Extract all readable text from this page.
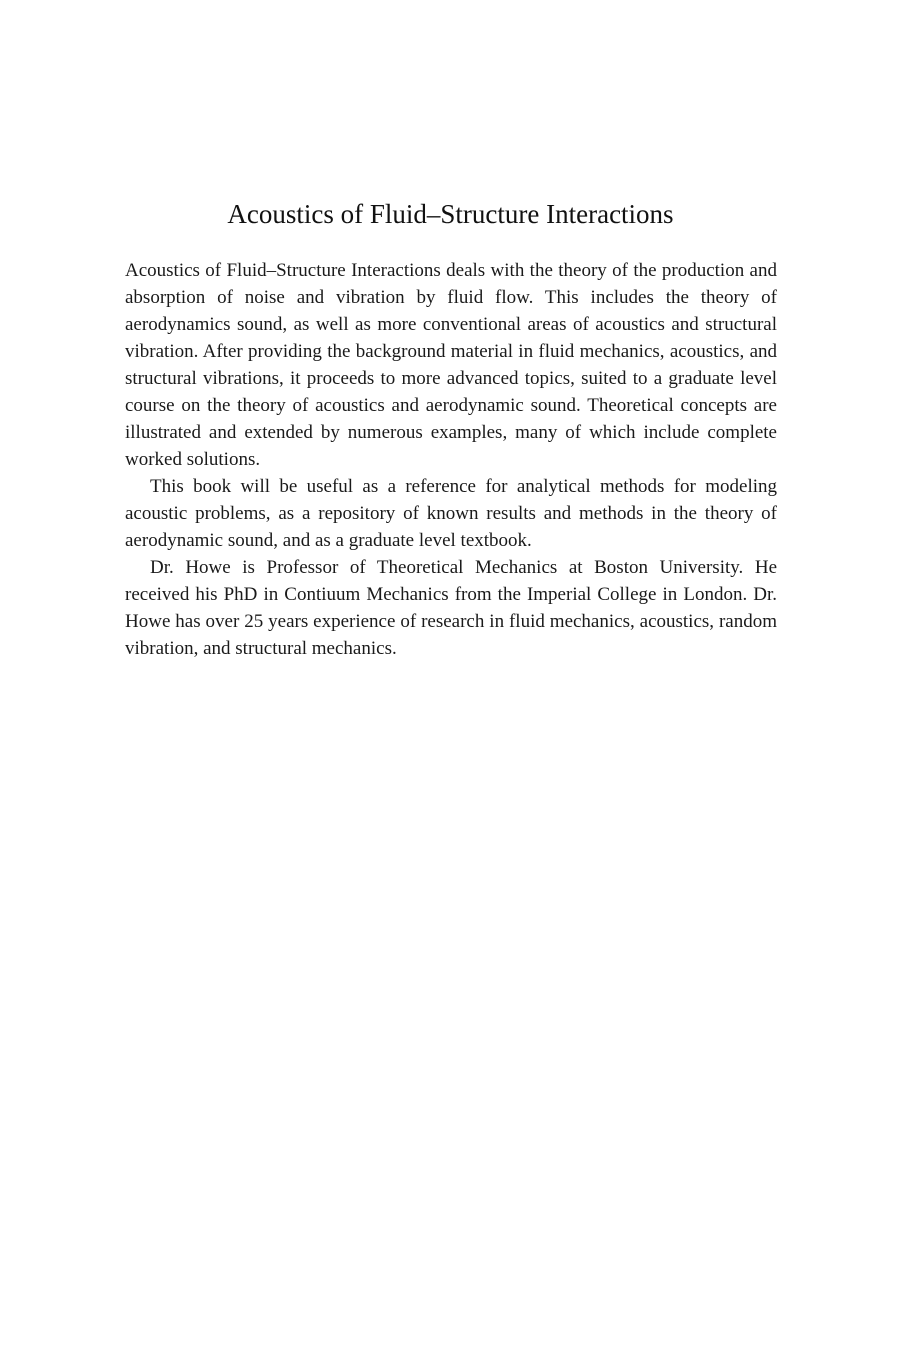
Acoustics of Fluid–Structure Interactions

Acoustics of Fluid–Structure Interactions deals with the theory of the production and absorption of noise and vibration by fluid flow. This includes the theory of aerodynamics sound, as well as more conventional areas of acoustics and structural vibration. After providing the background material in fluid mechanics, acoustics, and structural vibrations, it proceeds to more advanced topics, suited to a graduate level course on the theory of acoustics and aerodynamic sound. Theoretical concepts are illustrated and extended by numerous examples, many of which include complete worked solutions.

This book will be useful as a reference for analytical methods for modeling acoustic problems, as a repository of known results and methods in the theory of aerodynamic sound, and as a graduate level textbook.

Dr. Howe is Professor of Theoretical Mechanics at Boston University. He received his PhD in Contiuum Mechanics from the Imperial College in London. Dr. Howe has over 25 years experience of research in fluid mechanics, acoustics, random vibration, and structural mechanics.
